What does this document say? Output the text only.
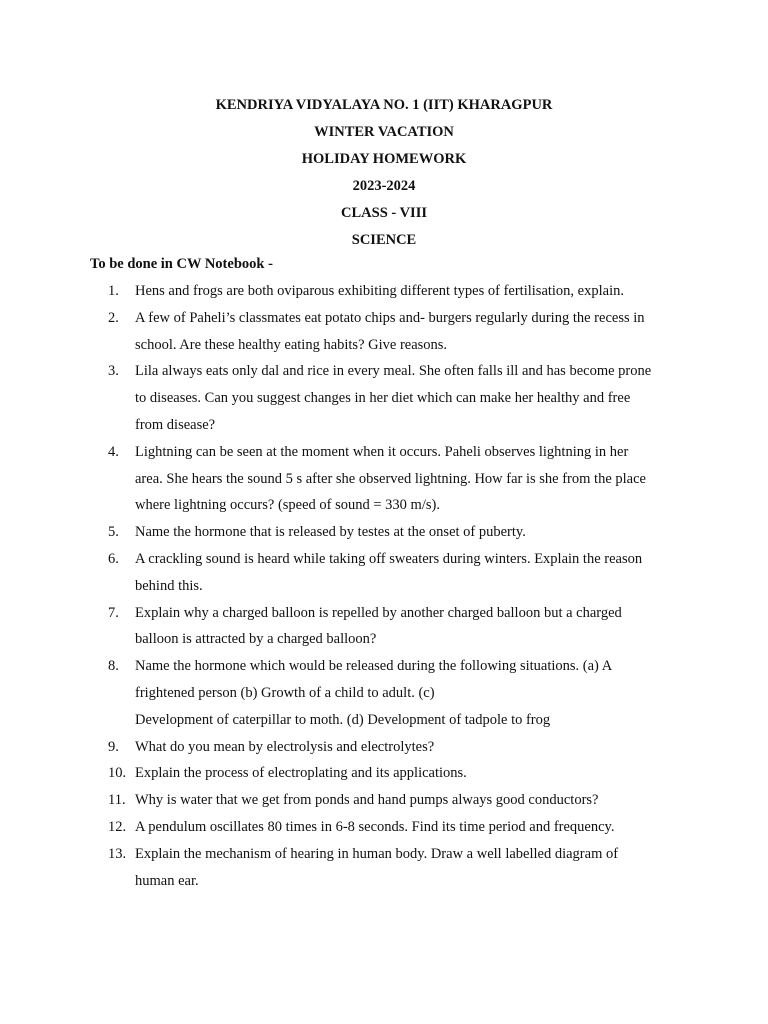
KENDRIYA VIDYALAYA NO. 1 (IIT) KHARAGPUR
WINTER VACATION
HOLIDAY HOMEWORK
2023-2024
CLASS - VIII
SCIENCE
To be done in CW Notebook -
1.	Hens and frogs are both oviparous exhibiting different types of fertilisation, explain.
2.	A few of Paheli’s classmates eat potato chips and- burgers regularly during the recess in
school. Are these healthy eating habits? Give reasons.
3.	Lila always eats only dal and rice in every meal. She often falls ill and has become prone
to diseases. Can you suggest changes in her diet which can make her healthy and free
from disease?
4.	Lightning can be seen at the moment when it occurs. Paheli observes lightning in her
area. She hears the sound 5 s after she observed lightning. How far is she from the place
where lightning occurs? (speed of sound = 330 m/s).
5.	Name the hormone that is released by testes at the onset of puberty.
6.	A crackling sound is heard while taking off sweaters during winters. Explain the reason
behind this.
7.	Explain why a charged balloon is repelled by another charged balloon but a charged
balloon is attracted by a charged balloon?
8.	Name the hormone which would be released during the following situations. (a) A
frightened person (b) Growth of a child to adult. (c)
Development of caterpillar to moth. (d) Development of tadpole to frog
9.	What do you mean by electrolysis and electrolytes?
10. Explain the process of electroplating and its applications.
11. Why is water that we get from ponds and hand pumps always good conductors?
12. A pendulum oscillates 80 times in 6-8 seconds. Find its time period and frequency.
13. Explain the mechanism of hearing in human body. Draw a well labelled diagram of
human ear.
